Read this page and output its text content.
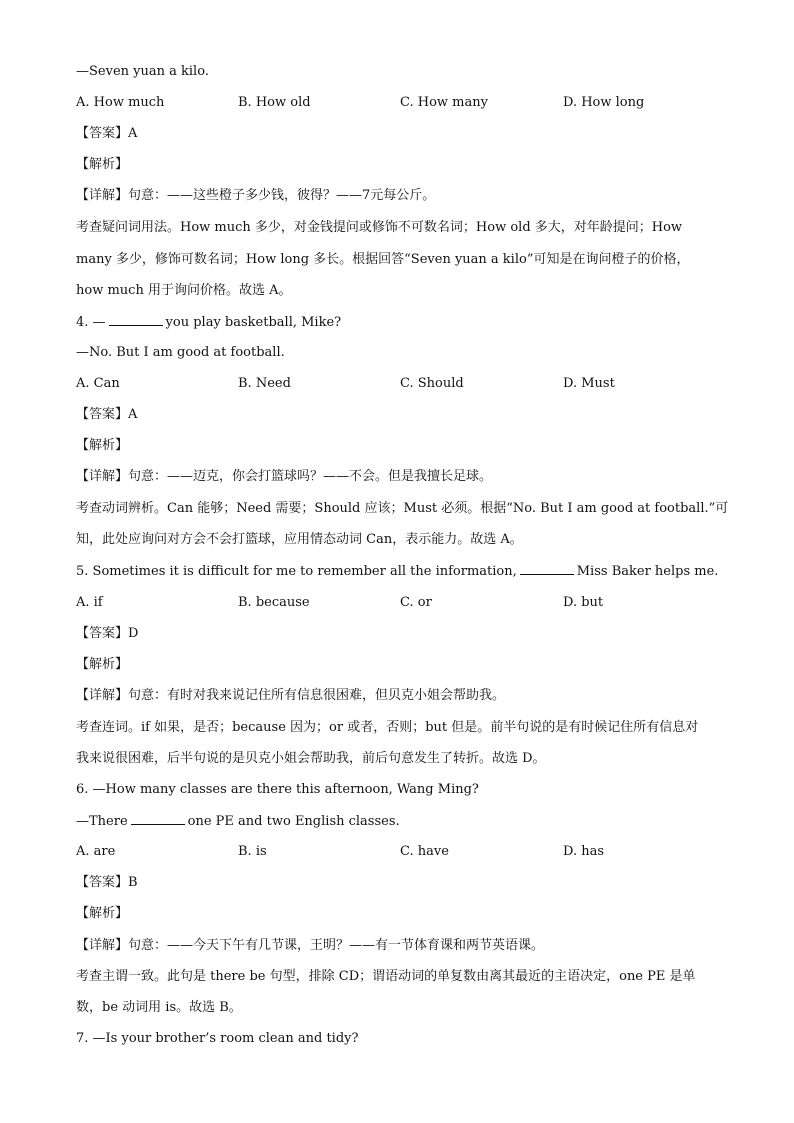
—Seven yuan a kilo.
A. How much	B. How old	C. How many	D. How long
【答案】A
【解析】
【详解】句意：——这些橙子多少钱，彼得？——7元每公斤。
考查疑问词用法。How much 多少，对金钱提问或修饰不可数名词；How old 多大，对年龄提问；How
many 多少，修饰可数名词；How long 多长。根据回答“Seven yuan a kilo”可知是在询问橙子的价格，
how much 用于询问价格。故选 A。
4. —	you play basketball, Mike?
—No. But I am good at football.
A. Can	B. Need	C. Should	D. Must
【答案】A
【解析】
【详解】句意：——迈克，你会打篮球吗？——不会。但是我擅长足球。
考查动词辨析。Can 能够；Need 需要；Should 应该；Must 必须。根据“No. But I am good at football.”可
知，此处应询问对方会不会打篮球，应用情态动词 Can，表示能力。故选 A。
5. Sometimes it is difficult for me to remember all the information,	Miss Baker helps me.
A. if	B. because	C. or	D. but
【答案】D
【解析】
【详解】句意：有时对我来说记住所有信息很困难，但贝克小姐会帮助我。
考查连词。if 如果，是否；because 因为；or 或者，否则；but 但是。前半句说的是有时候记住所有信息对
我来说很困难，后半句说的是贝克小姐会帮助我，前后句意发生了转折。故选 D。
6. —How many classes are there this afternoon, Wang Ming?
—There	one PE and two English classes.
A. are	B. is	C. have	D. has
【答案】B
【解析】
【详解】句意：——今天下午有几节课，王明？——有一节体育课和两节英语课。
考查主谓一致。此句是 there be 句型，排除 CD；谓语动词的单复数由离其最近的主语决定，one PE 是单
数，be 动词用 is。故选 B。
7. —Is your brother’s room clean and tidy?
